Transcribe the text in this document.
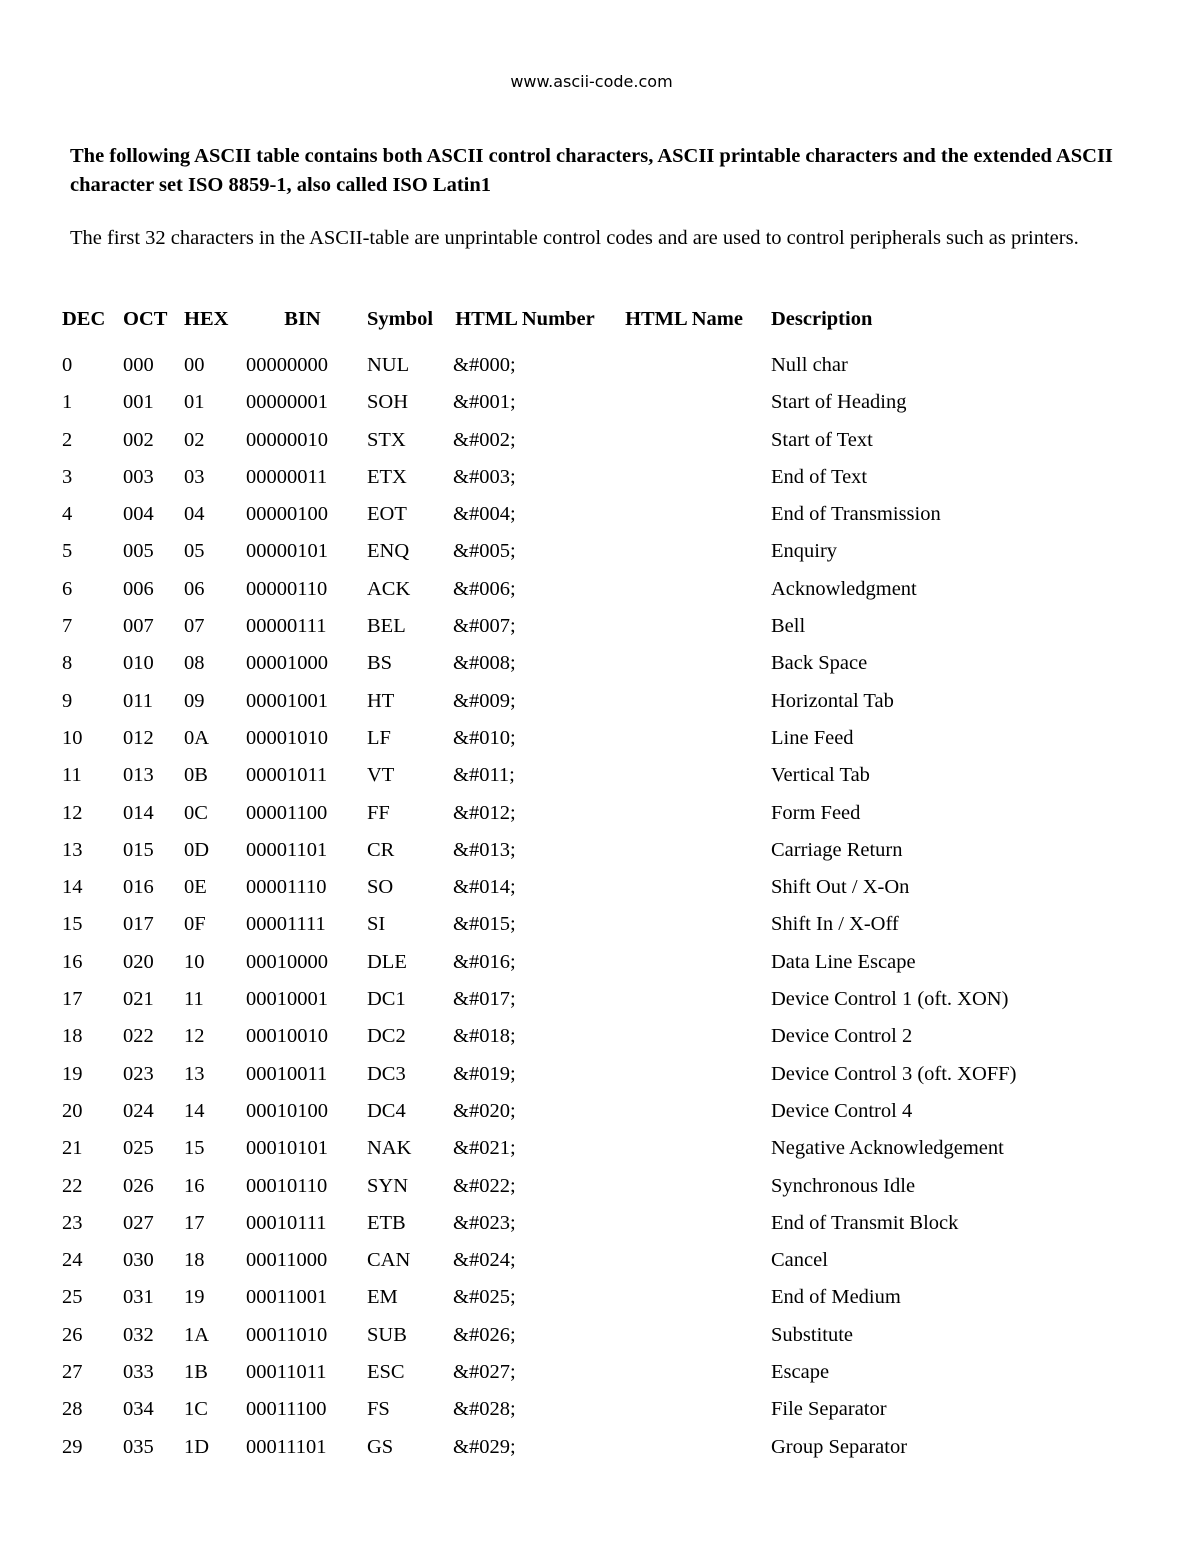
www.ascii-code.com
The following ASCII table contains both ASCII control characters, ASCII printable characters and the extended ASCII character set ISO 8859-1, also called ISO Latin1
The first 32 characters in the ASCII-table are unprintable control codes and are used to control peripherals such as printers.
DEC	OCT	HEX	BIN	Symbol	HTML Number	HTML Name	Description
0	000	00	00000000	NUL	&#000;		Null char
1	001	01	00000001	SOH	&#001;		Start of Heading
2	002	02	00000010	STX	&#002;		Start of Text
3	003	03	00000011	ETX	&#003;		End of Text
4	004	04	00000100	EOT	&#004;		End of Transmission
5	005	05	00000101	ENQ	&#005;		Enquiry
6	006	06	00000110	ACK	&#006;		Acknowledgment
7	007	07	00000111	BEL	&#007;		Bell
8	010	08	00001000	BS	&#008;		Back Space
9	011	09	00001001	HT	&#009;		Horizontal Tab
10	012	0A	00001010	LF	&#010;		Line Feed
11	013	0B	00001011	VT	&#011;		Vertical Tab
12	014	0C	00001100	FF	&#012;		Form Feed
13	015	0D	00001101	CR	&#013;		Carriage Return
14	016	0E	00001110	SO	&#014;		Shift Out / X-On
15	017	0F	00001111	SI	&#015;		Shift In / X-Off
16	020	10	00010000	DLE	&#016;		Data Line Escape
17	021	11	00010001	DC1	&#017;		Device Control 1 (oft. XON)
18	022	12	00010010	DC2	&#018;		Device Control 2
19	023	13	00010011	DC3	&#019;		Device Control 3 (oft. XOFF)
20	024	14	00010100	DC4	&#020;		Device Control 4
21	025	15	00010101	NAK	&#021;		Negative Acknowledgement
22	026	16	00010110	SYN	&#022;		Synchronous Idle
23	027	17	00010111	ETB	&#023;		End of Transmit Block
24	030	18	00011000	CAN	&#024;		Cancel
25	031	19	00011001	EM	&#025;		End of Medium
26	032	1A	00011010	SUB	&#026;		Substitute
27	033	1B	00011011	ESC	&#027;		Escape
28	034	1C	00011100	FS	&#028;		File Separator
29	035	1D	00011101	GS	&#029;		Group Separator
